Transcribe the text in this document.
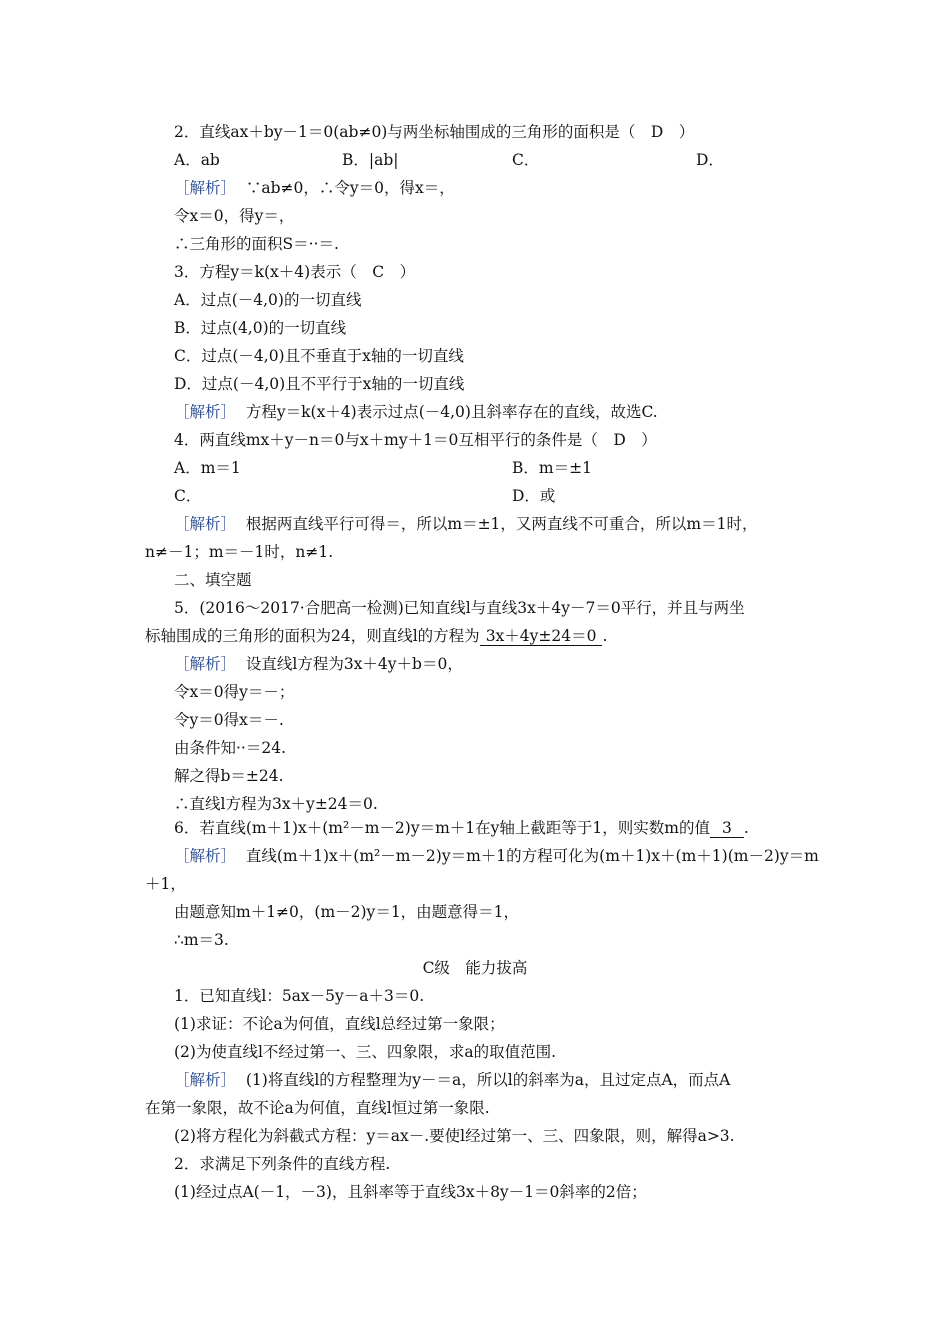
2．直线ax＋by－1＝0(ab≠0)与两坐标轴围成的三角形的面积是（　D　）
A．ab	B．|ab|	C．	D．
［解析］ ∵ab≠0，∴令y＝0，得x＝，
令x＝0，得y＝，
∴三角形的面积S＝··＝.
3．方程y＝k(x＋4)表示（　C　）
A．过点(－4,0)的一切直线
B．过点(4,0)的一切直线
C．过点(－4,0)且不垂直于x轴的一切直线
D．过点(－4,0)且不平行于x轴的一切直线
［解析］ 方程y＝k(x＋4)表示过点(－4,0)且斜率存在的直线，故选C.
4．两直线mx＋y－n＝0与x＋my＋1＝0互相平行的条件是（　D　）
A．m＝1	B．m＝±1
C．	D．或
［解析］ 根据两直线平行可得＝，所以m＝±1，又两直线不可重合，所以m＝1时，
n≠－1；m＝－1时，n≠1.
二、填空题
5．(2016～2017·合肥高一检测)已知直线l与直线3x＋4y－7＝0平行，并且与两坐
标轴围成的三角形的面积为24，则直线l的方程为 3x＋4y±24＝0 .
［解析］ 设直线l方程为3x＋4y＋b＝0，
令x＝0得y＝－；
令y＝0得x＝－.
由条件知··＝24.
解之得b＝±24.
∴直线l方程为3x＋y±24＝0.
6．若直线(m＋1)x＋(m²－m－2)y＝m＋1在y轴上截距等于1，则实数m的值 3 .
［解析］ 直线(m＋1)x＋(m²－m－2)y＝m＋1的方程可化为(m＋1)x＋(m＋1)(m－2)y＝m
＋1，
由题意知m＋1≠0，(m－2)y＝1，由题意得＝1，
∴m＝3.
C级　能力拔高
1．已知直线l：5ax－5y－a＋3＝0.
(1)求证：不论a为何值，直线l总经过第一象限；
(2)为使直线l不经过第一、三、四象限，求a的取值范围.
［解析］ (1)将直线l的方程整理为y－＝a，所以l的斜率为a，且过定点A，而点A
在第一象限，故不论a为何值，直线l恒过第一象限.
(2)将方程化为斜截式方程：y＝ax－.要使l经过第一、三、四象限，则，解得a>3.
2．求满足下列条件的直线方程.
(1)经过点A(－1，－3)，且斜率等于直线3x＋8y－1＝0斜率的2倍；
